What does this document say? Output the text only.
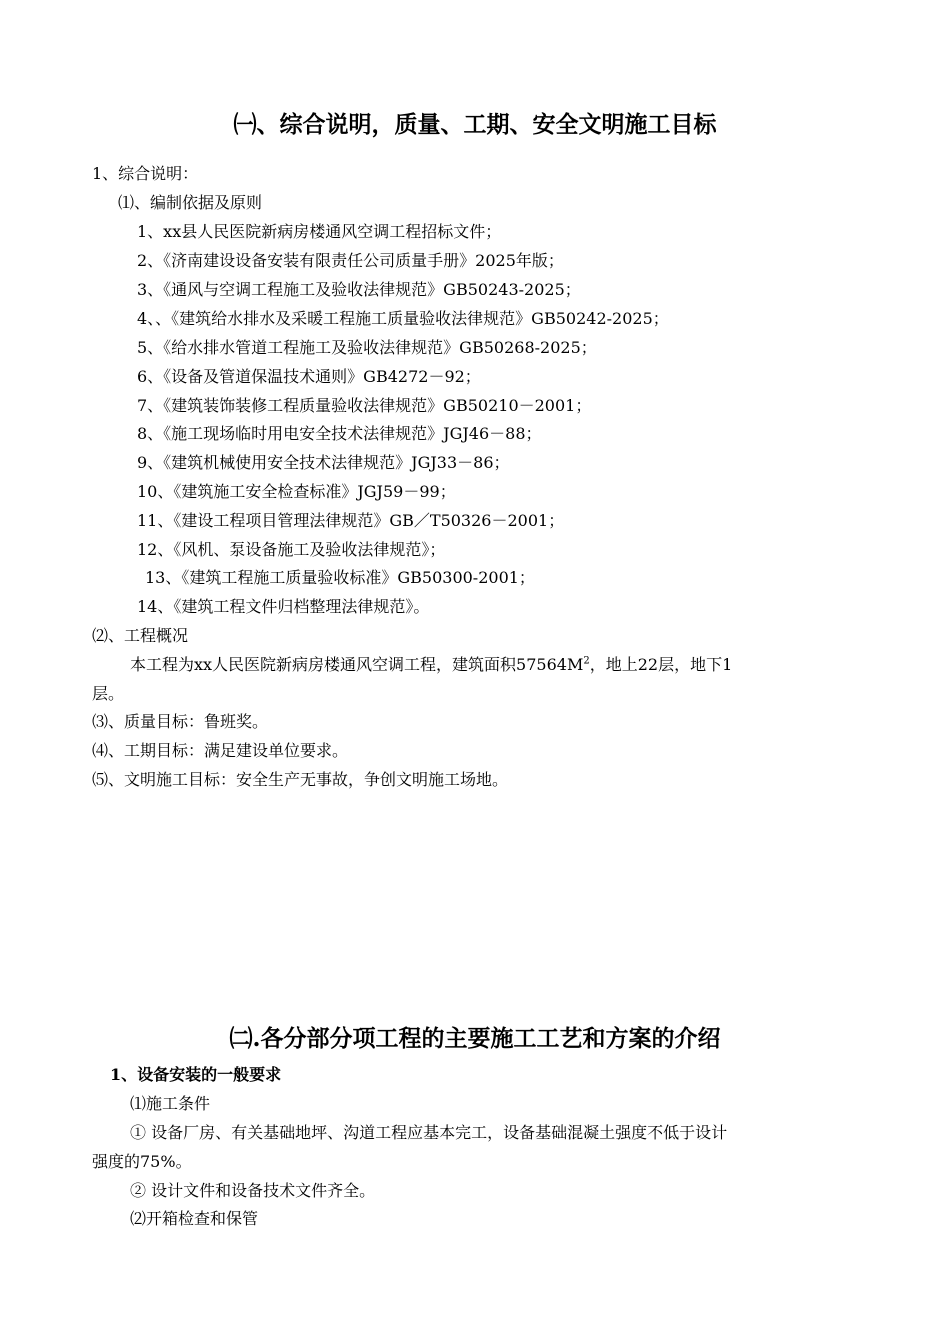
㈠、综合说明，质量、工期、安全文明施工目标
1、综合说明：
⑴、编制依据及原则
1、xx县人民医院新病房楼通风空调工程招标文件；
2、《济南建设设备安装有限责任公司质量手册》2025年版；
3、《通风与空调工程施工及验收法律规范》GB50243-2025；
4、、《建筑给水排水及采暖工程施工质量验收法律规范》GB50242-2025；
5、《给水排水管道工程施工及验收法律规范》GB50268-2025；
6、《设备及管道保温技术通则》GB4272－92；
7、《建筑装饰装修工程质量验收法律规范》GB50210－2001；
8、《施工现场临时用电安全技术法律规范》JGJ46－88；
9、《建筑机械使用安全技术法律规范》JGJ33－86；
10、《建筑施工安全检查标准》JGJ59－99；
11、《建设工程项目管理法律规范》GB／T50326－2001；
12、《风机、泵设备施工及验收法律规范》；
13、《建筑工程施工质量验收标准》GB50300-2001；
14、《建筑工程文件归档整理法律规范》。
⑵、工程概况
本工程为xx人民医院新病房楼通风空调工程，建筑面积$57564M^2$，地上22层，地下1
层。
⑶、质量目标：鲁班奖。
⑷、工期目标：满足建设单位要求。
⑸、文明施工目标：安全生产无事故，争创文明施工场地。
㈡.各分部分项工程的主要施工工艺和方案的介绍
1、设备安装的一般要求
⑴施工条件
① 设备厂房、有关基础地坪、沟道工程应基本完工，设备基础混凝土强度不低于设计
强度的75%。
② 设计文件和设备技术文件齐全。
⑵开箱检查和保管
